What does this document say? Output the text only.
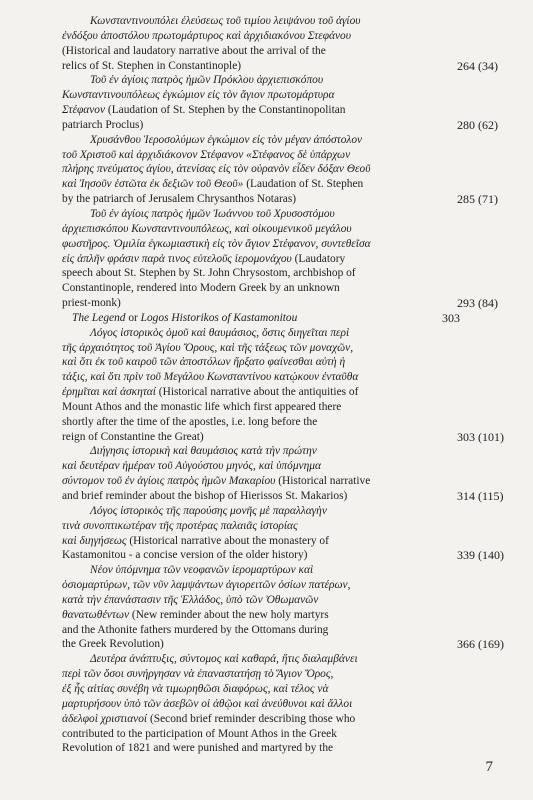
Κωνσταντινουπόλει ἐλεύσεως τοῦ τιμίου λειψάνου τοῦ ἁγίου
ἐνδόξου ἀποστόλου πρωτομάρτυρος καὶ ἀρχιδιακόνου Στεφάνου
(Historical and laudatory narrative about the arrival of the
relics of St. Stephen in Constantinople)	264 (34)
Τοῦ ἐν ἁγίοις πατρὸς ἡμῶν Πρόκλου ἀρχιεπισκόπου
Κωνσταντινουπόλεως ἐγκώμιον εἰς τὸν ἅγιον πρωτομάρτυρα
Στέφανον (Laudation of St. Stephen by the Constantinopolitan
patriarch Proclus)	280 (62)
Χρυσάνθου Ἱεροσολύμων ἐγκώμιον εἰς τὸν μέγαν ἀπόστολον
τοῦ Χριστοῦ καὶ ἀρχιδιάκονον Στέφανον «Στέφανος δὲ ὑπάρχων
πλήρης πνεύματος ἁγίου, ἀτενίσας εἰς τὸν οὐρανὸν εἶδεν δόξαν Θεοῦ
καὶ Ἰησοῦν ἑστῶτα ἐκ δεξιῶν τοῦ Θεοῦ» (Laudation of St. Stephen
by the patriarch of Jerusalem Chrysanthos Notaras)	285 (71)
Τοῦ ἐν ἁγίοις πατρὸς ἡμῶν Ἰωάννου τοῦ Χρυσοστόμου
ἀρχιεπισκόπου Κωνσταντινουπόλεως, καὶ οἰκουμενικοῦ μεγάλου
φωστῆρος. Ὁμιλία ἐγκωμιαστικὴ εἰς τὸν ἅγιον Στέφανον, συντεθεῖσα
εἰς ἁπλῆν φράσιν παρὰ τινος εὐτελοῦς ἱερομονάχου (Laudatory
speech about St. Stephen by St. John Chrysostom, archbishop of
Constantinople, rendered into Modern Greek by an unknown
priest-monk)	293 (84)
The Legend or Logos Historikos of Kastamonitou	303
Λόγος ἱστορικὸς ὁμοῦ καὶ θαυμάσιος, ὅστις διηγεῖται περὶ
τῆς ἀρχαιότητος τοῦ Ἁγίου Ὄρους, καὶ τῆς τάξεως τῶν μοναχῶν,
καὶ ὅτι ἐκ τοῦ καιροῦ τῶν ἀποστόλων ἤρξατο φαίνεσθαι αὐτὴ ἡ
τάξις, καὶ ὅτι πρὶν τοῦ Μεγάλου Κωνσταντίνου κατῴκουν ἐνταῦθα
ἐρημῖται καὶ ἀσκηταί (Historical narrative about the antiquities of
Mount Athos and the monastic life which first appeared there
shortly after the time of the apostles, i.e. long before the
reign of Constantine the Great)	303 (101)
Διήγησις ἱστορικὴ καὶ θαυμάσιος κατὰ τὴν πρώτην
καὶ δευτέραν ἡμέραν τοῦ Αὐγούστου μηνός, καὶ ὑπόμνημα
σύντομον τοῦ ἐν ἁγίοις πατρὸς ἡμῶν Μακαρίου (Historical narrative
and brief reminder about the bishop of Hierissos St. Makarios)	314 (115)
Λόγος ἱστορικὸς τῆς παρούσης μονῆς μὲ παραλλαγὴν
τινὰ συνοπτικωτέραν τῆς προτέρας παλαιᾶς ἱστορίας
καὶ διηγήσεως (Historical narrative about the monastery of
Kastamonitou - a concise version of the older history)	339 (140)
Νέον ὑπόμνημα τῶν νεοφανῶν ἱερομαρτύρων καὶ
ὁσιομαρτύρων, τῶν νῦν λαμψάντων ἁγιορειτῶν ὁσίων πατέρων,
κατὰ τὴν ἐπανάστασιν τῆς Ἑλλάδος, ὑπὸ τῶν Ὀθωμανῶν
θανατωθέντων (New reminder about the new holy martyrs
and the Athonite fathers murdered by the Ottomans during
the Greek Revolution)	366 (169)
Δευτέρα ἀνάπτυξις, σύντομος καὶ καθαρά, ἥτις διαλαμβάνει
περὶ τῶν ὅσοι συνήργησαν νὰ ἐπαναστατήσῃ τὸ Ἅγιον Ὄρος,
ἐξ ἧς αἰτίας συνέβη νὰ τιμωρηθῶσι διαφόρως, καὶ τέλος νὰ
μαρτυρήσουν ὑπὸ τῶν ἀσεβῶν οἱ ἀθῷοι καὶ ἀνεύθυνοι καὶ ἄλλοι
ἀδελφοὶ χριστιανοί (Second brief reminder describing those who
contributed to the participation of Mount Athos in the Greek
Revolution of 1821 and were punished and martyred by the
7
